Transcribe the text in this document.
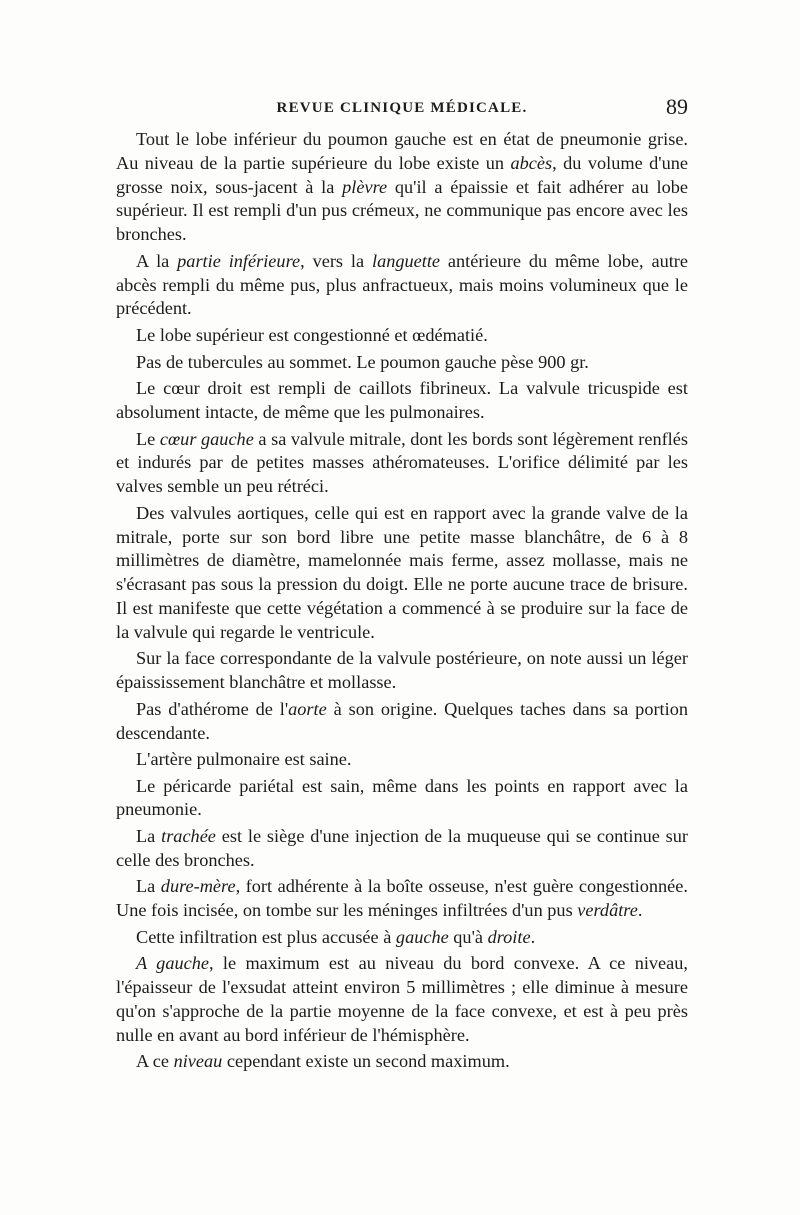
REVUE CLINIQUE MÉDICALE.	89

Tout le lobe inférieur du poumon gauche est en état de pneumonie grise. Au niveau de la partie supérieure du lobe existe un abcès, du volume d'une grosse noix, sous-jacent à la plèvre qu'il a épaissie et fait adhérer au lobe supérieur. Il est rempli d'un pus crémeux, ne communique pas encore avec les bronches.

A la partie inférieure, vers la languette antérieure du même lobe, autre abcès rempli du même pus, plus anfractueux, mais moins volumineux que le précédent.

Le lobe supérieur est congestionné et œdématié.

Pas de tubercules au sommet. Le poumon gauche pèse 900 gr.

Le cœur droit est rempli de caillots fibrineux. La valvule tricuspide est absolument intacte, de même que les pulmonaires.

Le cœur gauche a sa valvule mitrale, dont les bords sont légèrement renflés et indurés par de petites masses athéromateuses. L'orifice délimité par les valves semble un peu rétréci.

Des valvules aortiques, celle qui est en rapport avec la grande valve de la mitrale, porte sur son bord libre une petite masse blanchâtre, de 6 à 8 millimètres de diamètre, mamelonnée mais ferme, assez mollasse, mais ne s'écrasant pas sous la pression du doigt. Elle ne porte aucune trace de brisure. Il est manifeste que cette végétation a commencé à se produire sur la face de la valvule qui regarde le ventricule.

Sur la face correspondante de la valvule postérieure, on note aussi un léger épaississement blanchâtre et mollasse.

Pas d'athérome de l'aorte à son origine. Quelques taches dans sa portion descendante.

L'artère pulmonaire est saine.

Le péricarde pariétal est sain, même dans les points en rapport avec la pneumonie.

La trachée est le siège d'une injection de la muqueuse qui se continue sur celle des bronches.

La dure-mère, fort adhérente à la boîte osseuse, n'est guère congestionnée. Une fois incisée, on tombe sur les méninges infiltrées d'un pus verdâtre.

Cette infiltration est plus accusée à gauche qu'à droite.

A gauche, le maximum est au niveau du bord convexe. A ce niveau, l'épaisseur de l'exsudat atteint environ 5 millimètres ; elle diminue à mesure qu'on s'approche de la partie moyenne de la face convexe, et est à peu près nulle en avant au bord inférieur de l'hémisphère.

A ce niveau cependant existe un second maximum.
